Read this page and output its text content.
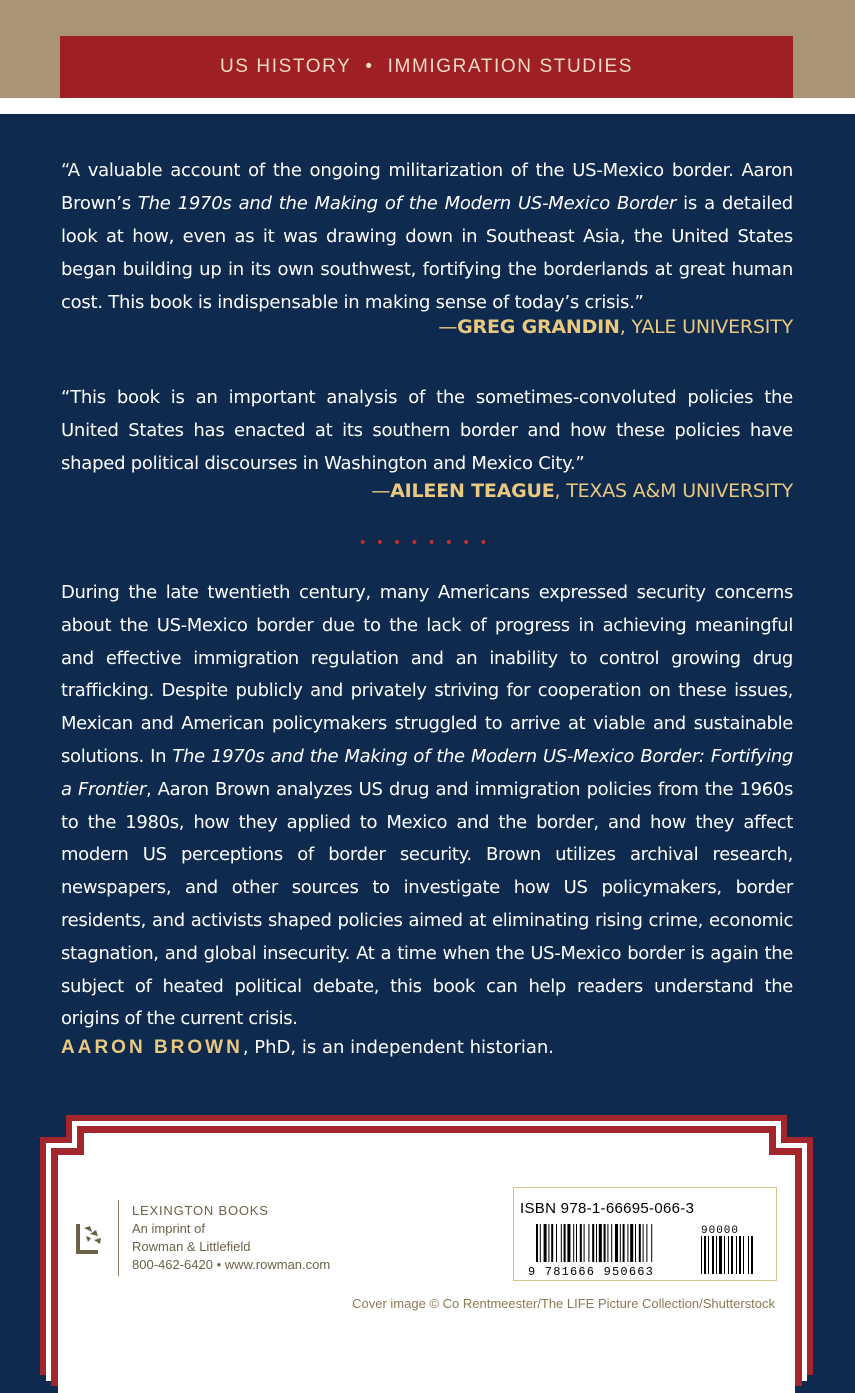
US HISTORY • IMMIGRATION STUDIES
“A valuable account of the ongoing militarization of the US-Mexico border. Aaron Brown’s The 1970s and the Making of the Modern US-Mexico Border is a detailed look at how, even as it was drawing down in Southeast Asia, the United States began building up in its own southwest, fortifying the borderlands at great human cost. This book is indispensable in making sense of today’s crisis.”
—GREG GRANDIN, YALE UNIVERSITY
“This book is an important analysis of the sometimes-convoluted policies the United States has enacted at its southern border and how these policies have shaped political discourses in Washington and Mexico City.”
—AILEEN TEAGUE, TEXAS A&M UNIVERSITY
••••••••
During the late twentieth century, many Americans expressed security concerns about the US-Mexico border due to the lack of progress in achieving meaningful and effective immigration regulation and an inability to control growing drug trafficking. Despite publicly and privately striving for cooperation on these issues, Mexican and American policymakers struggled to arrive at viable and sustainable solutions. In The 1970s and the Making of the Modern US-Mexico Border: Fortifying a Frontier, Aaron Brown analyzes US drug and immigration policies from the 1960s to the 1980s, how they applied to Mexico and the border, and how they affect modern US perceptions of border security. Brown utilizes archival research, newspapers, and other sources to investigate how US policymakers, border residents, and activists shaped policies aimed at eliminating rising crime, economic stagnation, and global insecurity. At a time when the US-Mexico border is again the subject of heated political debate, this book can help readers understand the origins of the current crisis.
AARON BROWN, PhD, is an independent historian.
LEXINGTON BOOKS
An imprint of
Rowman & Littlefield
800-462-6420 • www.rowman.com
ISBN 978-1-66695-066-3
9 781666 950663
90000
Cover image © Co Rentmeester/The LIFE Picture Collection/Shutterstock
